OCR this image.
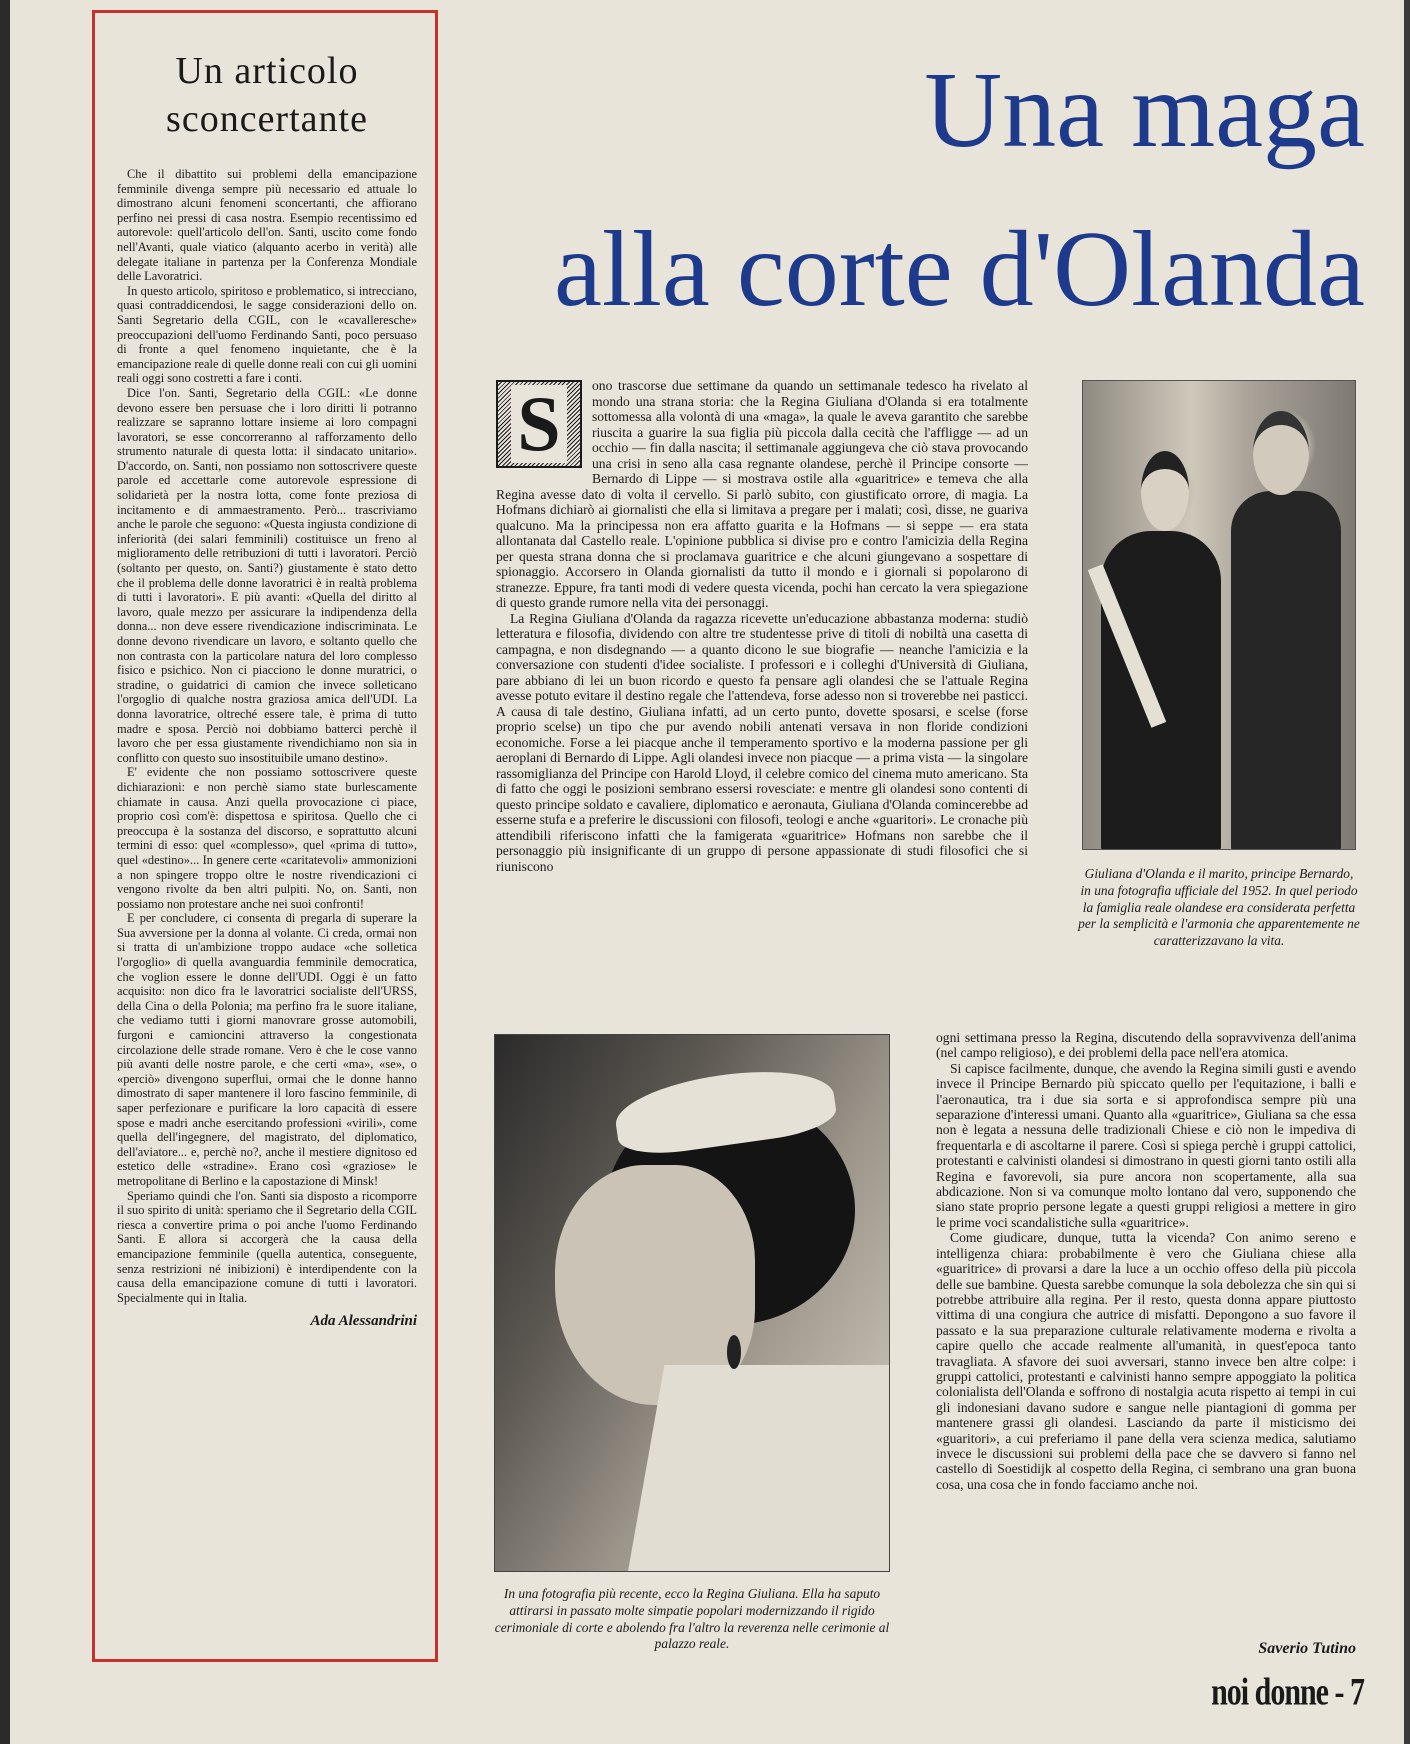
Un articolo
sconcertante

Che il dibattito sui problemi della emancipazione femminile divenga sempre più necessario ed attuale lo dimostrano alcuni fenomeni sconcertanti, che affiorano perfino nei pressi di casa nostra. Esempio recentissimo ed autorevole: quell'articolo dell'on. Santi, uscito come fondo nell'Avanti, quale viatico (alquanto acerbo in verità) alle delegate italiane in partenza per la Conferenza Mondiale delle Lavoratrici.

In questo articolo, spiritoso e problematico, si intrecciano, quasi contraddicendosi, le sagge considerazioni dello on. Santi Segretario della CGIL, con le «cavalleresche» preoccupazioni dell'uomo Ferdinando Santi, poco persuaso di fronte a quel fenomeno inquietante, che è la emancipazione reale di quelle donne reali con cui gli uomini reali oggi sono costretti a fare i conti.

Dice l'on. Santi, Segretario della CGIL: «Le donne devono essere ben persuase che i loro diritti li potranno realizzare se sapranno lottare insieme ai loro compagni lavoratori, se esse concorreranno al rafforzamento dello strumento naturale di questa lotta: il sindacato unitario». D'accordo, on. Santi, non possiamo non sottoscrivere queste parole ed accettarle come autorevole espressione di solidarietà per la nostra lotta, come fonte preziosa di incitamento e di ammaestramento. Però... trascriviamo anche le parole che seguono: «Questa ingiusta condizione di inferiorità (dei salari femminili) costituisce un freno al miglioramento delle retribuzioni di tutti i lavoratori. Perciò (soltanto per questo, on. Santi?) giustamente è stato detto che il problema delle donne lavoratrici è in realtà problema di tutti i lavoratori». E più avanti: «Quella del diritto al lavoro, quale mezzo per assicurare la indipendenza della donna... non deve essere rivendicazione indiscriminata. Le donne devono rivendicare un lavoro, e soltanto quello che non contrasta con la particolare natura del loro complesso fisico e psichico. Non ci piacciono le donne muratrici, o stradine, o guidatrici di camion che invece solleticano l'orgoglio di qualche nostra graziosa amica dell'UDI. La donna lavoratrice, oltreché essere tale, è prima di tutto madre e sposa. Perciò noi dobbiamo batterci perchè il lavoro che per essa giustamente rivendichiamo non sia in conflitto con questo suo insostituibile umano destino».

E' evidente che non possiamo sottoscrivere queste dichiarazioni: e non perchè siamo state burlescamente chiamate in causa. Anzi quella provocazione ci piace, proprio così com'è: dispettosa e spiritosa. Quello che ci preoccupa è la sostanza del discorso, e soprattutto alcuni termini di esso: quel «complesso», quel «prima di tutto», quel «destino»... In genere certe «caritatevoli» ammonizioni a non spingere troppo oltre le nostre rivendicazioni ci vengono rivolte da ben altri pulpiti. No, on. Santi, non possiamo non protestare anche nei suoi confronti!

E per concludere, ci consenta di pregarla di superare la Sua avversione per la donna al volante. Ci creda, ormai non si tratta di un'ambizione troppo audace «che solletica l'orgoglio» di quella avanguardia femminile democratica, che voglion essere le donne dell'UDI. Oggi è un fatto acquisito: non dico fra le lavoratrici socialiste dell'URSS, della Cina o della Polonia; ma perfino fra le suore italiane, che vediamo tutti i giorni manovrare grosse automobili, furgoni e camioncini attraverso la congestionata circolazione delle strade romane. Vero è che le cose vanno più avanti delle nostre parole, e che certi «ma», «se», o «perciò» divengono superflui, ormai che le donne hanno dimostrato di saper mantenere il loro fascino femminile, di saper perfezionare e purificare la loro capacità di essere spose e madri anche esercitando professioni «virili», come quella dell'ingegnere, del magistrato, del diplomatico, dell'aviatore... e, perchè no?, anche il mestiere dignitoso ed estetico delle «stradine». Erano così «graziose» le metropolitane di Berlino e la capostazione di Minsk!

Speriamo quindi che l'on. Santi sia disposto a ricomporre il suo spirito di unità: speriamo che il Segretario della CGIL riesca a convertire prima o poi anche l'uomo Ferdinando Santi. E allora si accorgerà che la causa della emancipazione femminile (quella autentica, conseguente, senza restrizioni né inibizioni) è interdipendente con la causa della emancipazione comune di tutti i lavoratori. Specialmente qui in Italia.

Ada Alessandrini
Una maga
alla corte d'Olanda
S	ono trascorse due settimane da quando un settimanale tedesco ha rivelato al mondo una strana storia: che la Regina Giuliana d'Olanda si era totalmente sottomessa alla volontà di una «maga», la quale le aveva garantito che sarebbe riuscita a guarire la sua figlia più piccola dalla cecità che l'affligge — ad un occhio — fin dalla nascita; il settimanale aggiungeva che ciò stava provocando una crisi in seno alla casa regnante olandese, perchè il Principe consorte — Bernardo di Lippe — si mostrava ostile alla «guaritrice» e temeva che alla Regina avesse dato di volta il cervello. Si parlò subito, con giustificato orrore, di magia. La Hofmans dichiarò ai giornalisti che ella si limitava a pregare per i malati; così, disse, ne guariva qualcuno. Ma la principessa non era affatto guarita e la Hofmans — si seppe — era stata allontanata dal Castello reale. L'opinione pubblica si divise pro e contro l'amicizia della Regina per questa strana donna che si proclamava guaritrice e che alcuni giungevano a sospettare di spionaggio. Accorsero in Olanda giornalisti da tutto il mondo e i giornali si popolarono di stranezze. Eppure, fra tanti modi di vedere questa vicenda, pochi han cercato la vera spiegazione di questo grande rumore nella vita dei personaggi.

La Regina Giuliana d'Olanda da ragazza ricevette un'educazione abbastanza moderna: studiò letteratura e filosofia, dividendo con altre tre studentesse prive di titoli di nobiltà una casetta di campagna, e non disdegnando — a quanto dicono le sue biografie — neanche l'amicizia e la conversazione con studenti d'idee socialiste. I professori e i colleghi d'Università di Giuliana, pare abbiano di lei un buon ricordo e questo fa pensare agli olandesi che se l'attuale Regina avesse potuto evitare il destino regale che l'attendeva, forse adesso non si troverebbe nei pasticci. A causa di tale destino, Giuliana infatti, ad un certo punto, dovette sposarsi, e scelse (forse proprio scelse) un tipo che pur avendo nobili antenati versava in non floride condizioni economiche. Forse a lei piacque anche il temperamento sportivo e la moderna passione per gli aeroplani di Bernardo di Lippe. Agli olandesi invece non piacque — a prima vista — la singolare rassomiglianza del Principe con Harold Lloyd, il celebre comico del cinema muto americano. Sta di fatto che oggi le posizioni sembrano essersi rovesciate: e mentre gli olandesi sono contenti di questo principe soldato e cavaliere, diplomatico e aeronauta, Giuliana d'Olanda comincerebbe ad esserne stufa e a preferire le discussioni con filosofi, teologi e anche «guaritori». Le cronache più attendibili riferiscono infatti che la famigerata «guaritrice» Hofmans non sarebbe che il personaggio più insignificante di un gruppo di persone appassionate di studi filosofici che si riuniscono	Giuliana d'Olanda e il marito, principe Bernardo, in una fotografia ufficiale del 1952. In quel periodo la famiglia reale olandese era considerata perfetta per la semplicità e l'armonia che apparentemente ne caratterizzavano la vita.
In una fotografia più recente, ecco la Regina Giuliana. Ella ha saputo attirarsi in passato molte simpatie popolari modernizzando il rigido cerimoniale di corte e abolendo fra l'altro la reverenza nelle cerimonie al palazzo reale.

ogni settimana presso la Regina, discutendo della sopravvivenza dell'anima (nel campo religioso), e dei problemi della pace nell'era atomica.

Si capisce facilmente, dunque, che avendo la Regina simili gusti e avendo invece il Principe Bernardo più spiccato quello per l'equitazione, i balli e l'aeronautica, tra i due sia sorta e si approfondisca sempre più una separazione d'interessi umani. Quanto alla «guaritrice», Giuliana sa che essa non è legata a nessuna delle tradizionali Chiese e ciò non le impediva di frequentarla e di ascoltarne il parere. Così si spiega perchè i gruppi cattolici, protestanti e calvinisti olandesi si dimostrano in questi giorni tanto ostili alla Regina e favorevoli, sia pure ancora non scopertamente, alla sua abdicazione. Non si va comunque molto lontano dal vero, supponendo che siano state proprio persone legate a questi gruppi religiosi a mettere in giro le prime voci scandalistiche sulla «guaritrice».

Come giudicare, dunque, tutta la vicenda? Con animo sereno e intelligenza chiara: probabilmente è vero che Giuliana chiese alla «guaritrice» di provarsi a dare la luce a un occhio offeso della più piccola delle sue bambine. Questa sarebbe comunque la sola debolezza che sin qui si potrebbe attribuire alla regina. Per il resto, questa donna appare piuttosto vittima di una congiura che autrice di misfatti. Depongono a suo favore il passato e la sua preparazione culturale relativamente moderna e rivolta a capire quello che accade realmente all'umanità, in quest'epoca tanto travagliata. A sfavore dei suoi avversari, stanno invece ben altre colpe: i gruppi cattolici, protestanti e calvinisti hanno sempre appoggiato la politica colonialista dell'Olanda e soffrono di nostalgia acuta rispetto ai tempi in cui gli indonesiani davano sudore e sangue nelle piantagioni di gomma per mantenere grassi gli olandesi. Lasciando da parte il misticismo dei «guaritori», a cui preferiamo il pane della vera scienza medica, salutiamo invece le discussioni sui problemi della pace che se davvero si fanno nel castello di Soestidijk al cospetto della Regina, ci sembrano una gran buona cosa, una cosa che in fondo facciamo anche noi.

Saverio Tutino
noi donne - 7
